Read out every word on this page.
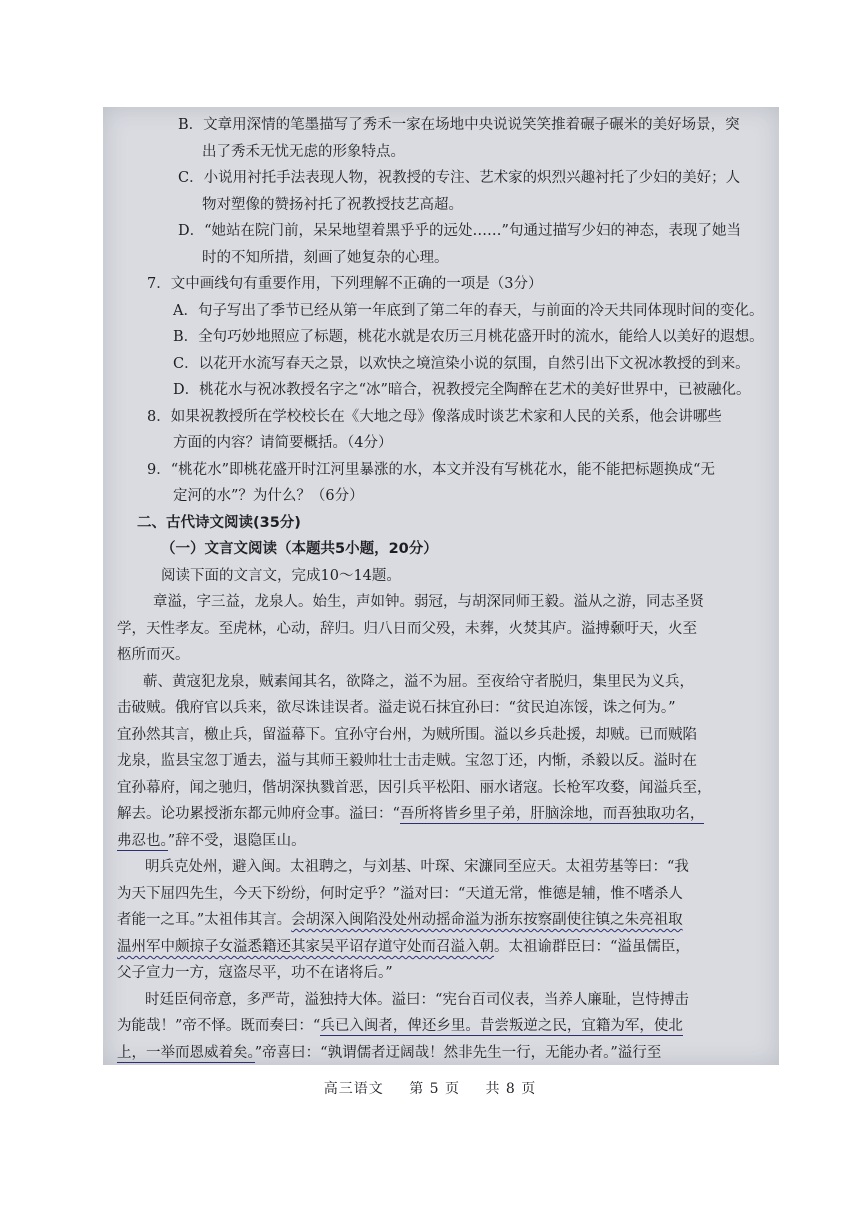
B．文章用深情的笔墨描写了秀禾一家在场地中央说说笑笑推着碾子碾米的美好场景，突
出了秀禾无忧无虑的形象特点。
C．小说用衬托手法表现人物，祝教授的专注、艺术家的炽烈兴趣衬托了少妇的美好；人
物对塑像的赞扬衬托了祝教授技艺高超。
D．“她站在院门前，呆呆地望着黑乎乎的远处……”句通过描写少妇的神态，表现了她当
时的不知所措，刻画了她复杂的心理。
7．文中画线句有重要作用，下列理解不正确的一项是（3分）
A．句子写出了季节已经从第一年底到了第二年的春天，与前面的冷天共同体现时间的变化。
B．全句巧妙地照应了标题，桃花水就是农历三月桃花盛开时的流水，能给人以美好的遐想。
C．以花开水流写春天之景，以欢快之境渲染小说的氛围，自然引出下文祝冰教授的到来。
D．桃花水与祝冰教授名字之“冰”暗合，祝教授完全陶醉在艺术的美好世界中，已被融化。
8．如果祝教授所在学校校长在《大地之母》像落成时谈艺术家和人民的关系，他会讲哪些
方面的内容？请简要概括。（4分）
9．“桃花水”即桃花盛开时江河里暴涨的水，本文并没有写桃花水，能不能把标题换成“无
定河的水”？为什么？（6分）
二、古代诗文阅读(35分)
（一）文言文阅读（本题共5小题，20分）
阅读下面的文言文，完成10～14题。
章溢，字三益，龙泉人。始生，声如钟。弱冠，与胡深同师王毅。溢从之游，同志圣贤
学，天性孝友。至虎林，心动，辞归。归八日而父殁，未葬，火焚其庐。溢搏颡吁天，火至
柩所而灭。
蕲、黄寇犯龙泉，贼素闻其名，欲降之，溢不为屈。至夜给守者脱归，集里民为义兵，
击破贼。俄府官以兵来，欲尽诛诖误者。溢走说石抹宜孙曰：“贫民迫冻馁，诛之何为。”
宜孙然其言，檄止兵，留溢幕下。宜孙守台州，为贼所围。溢以乡兵赴援，却贼。已而贼陷
龙泉，监县宝忽丁遁去，溢与其师王毅帅壮士击走贼。宝忽丁还，内惭，杀毅以反。溢时在
宜孙幕府，闻之驰归，偕胡深执戮首恶，因引兵平松阳、丽水诸寇。长枪军攻婺，闻溢兵至，
解去。论功累授浙东都元帅府佥事。溢曰：“吾所将皆乡里子弟，肝脑涂地，而吾独取功名，
弗忍也。”辞不受，退隐匡山。
明兵克处州，避入闽。太祖聘之，与刘基、叶琛、宋濂同至应天。太祖劳基等曰：“我
为天下屈四先生，今天下纷纷，何时定乎？”溢对曰：“天道无常，惟德是辅，惟不嗜杀人
者能一之耳。”太祖伟其言。会胡深入闽陷没处州动摇命溢为浙东按察副使往镇之朱亮祖取
温州军中颇掠子女溢悉籍还其家吴平诏存道守处而召溢入朝。太祖谕群臣曰：“溢虽儒臣，
父子宣力一方，寇盗尽平，功不在诸将后。”
时廷臣伺帝意，多严苛，溢独持大体。溢曰：“宪台百司仪表，当养人廉耻，岂恃搏击
为能哉！”帝不怿。既而奏曰：“兵已入闽者，俾还乡里。昔尝叛逆之民，宜籍为军，使北
上，一举而恩威着矣。”帝喜曰：“孰谓儒者迂阔哉！然非先生一行，无能办者。”溢行至
高三语文 第 5 页 共 8 页
